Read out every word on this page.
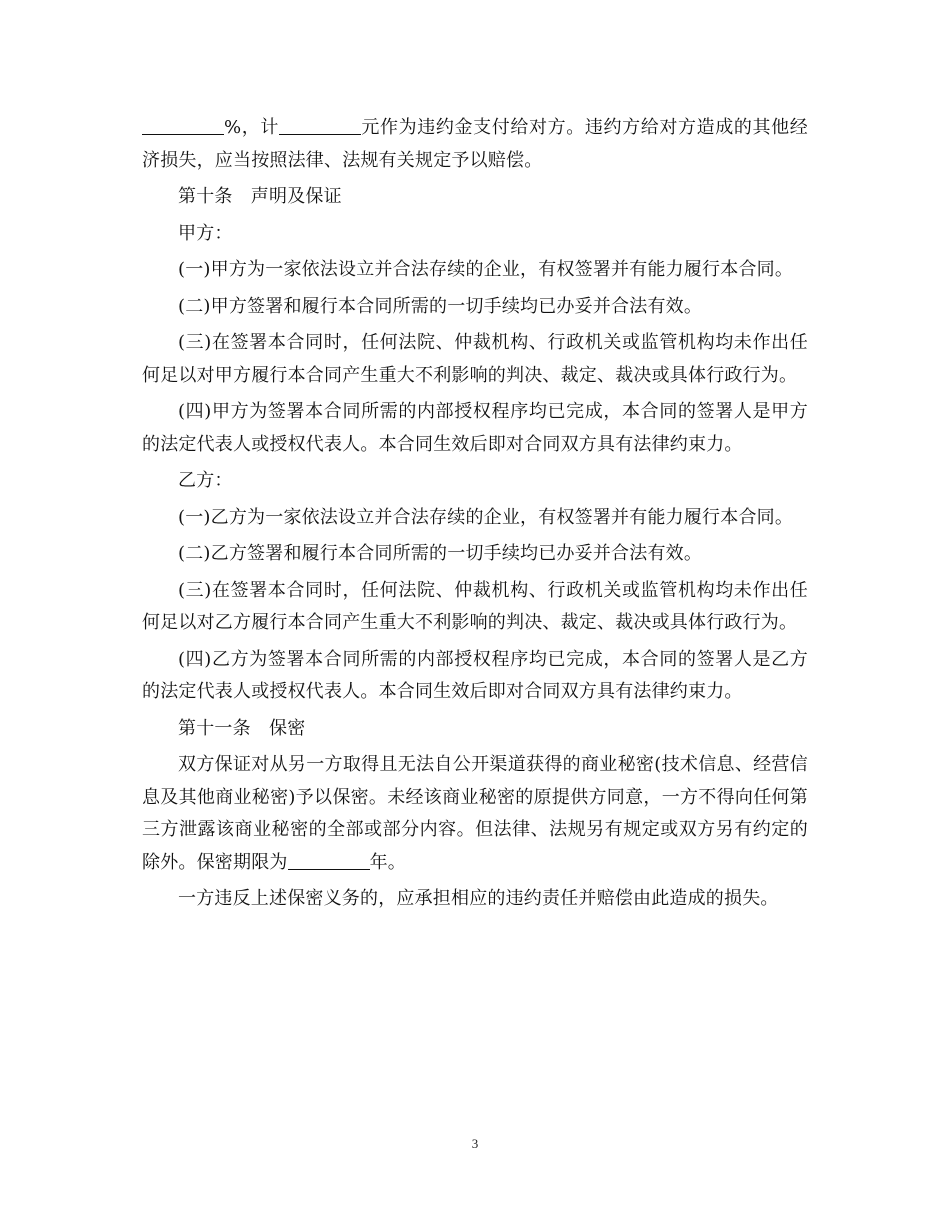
%，计	元作为违约金支付给对方。违约方给对方造成的其他经济损失，应当按照法律、法规有关规定予以赔偿。

第十条　声明及保证

甲方：

(一)甲方为一家依法设立并合法存续的企业，有权签署并有能力履行本合同。

(二)甲方签署和履行本合同所需的一切手续均已办妥并合法有效。

(三)在签署本合同时，任何法院、仲裁机构、行政机关或监管机构均未作出任何足以对甲方履行本合同产生重大不利影响的判决、裁定、裁决或具体行政行为。

(四)甲方为签署本合同所需的内部授权程序均已完成，本合同的签署人是甲方的法定代表人或授权代表人。本合同生效后即对合同双方具有法律约束力。

乙方：

(一)乙方为一家依法设立并合法存续的企业，有权签署并有能力履行本合同。

(二)乙方签署和履行本合同所需的一切手续均已办妥并合法有效。

(三)在签署本合同时，任何法院、仲裁机构、行政机关或监管机构均未作出任何足以对乙方履行本合同产生重大不利影响的判决、裁定、裁决或具体行政行为。

(四)乙方为签署本合同所需的内部授权程序均已完成，本合同的签署人是乙方的法定代表人或授权代表人。本合同生效后即对合同双方具有法律约束力。

第十一条　保密

双方保证对从另一方取得且无法自公开渠道获得的商业秘密(技术信息、经营信息及其他商业秘密)予以保密。未经该商业秘密的原提供方同意，一方不得向任何第三方泄露该商业秘密的全部或部分内容。但法律、法规另有规定或双方另有约定的除外。保密期限为	年。

一方违反上述保密义务的，应承担相应的违约责任并赔偿由此造成的损失。

3
